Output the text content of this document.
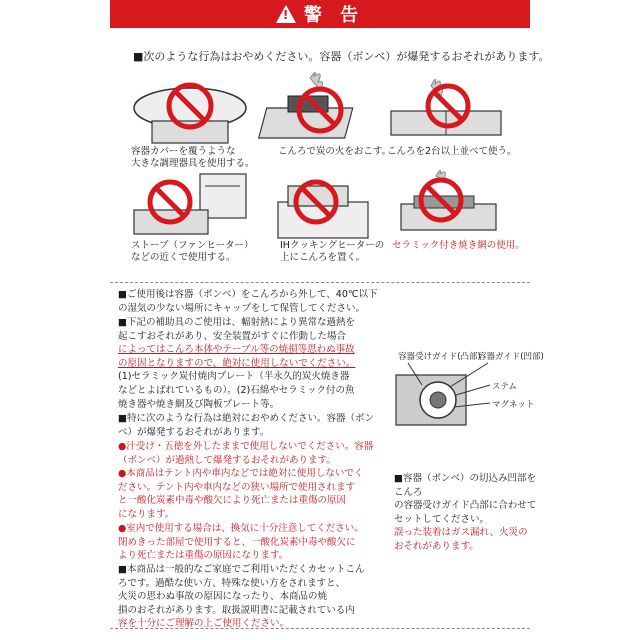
! 警 告
■次のような行為はおやめください。容器（ボンベ）が爆発するおそれがあります。
容器カバーを覆うような
大きな調理器具を使用する。
こんろで炭の火をおこす。
こんろを2台以上並べて使う。
ストーブ（ファンヒーター）
などの近くで使用する。
IHクッキングヒーターの
上にこんろを置く。
セラミック付き焼き網の使用。

■ご使用後は容器（ボンベ）をこんろから外して、40℃以下

の湿気の少ない場所にキャップをして保管してください。

■下記の補助具のご使用は、輻射熱により異常な過熱を

起こすおそれがあり、安全装置がすぐに作動した場合

によってはこんろ本体やテーブル等の焼損等思わぬ事故

の原因となりますので、絶対に使用しないでください。

(1)セラミック炭付焼肉プレート（半永久的炭火焼き器

などとよばれているもの）。(2)石綿やセラミック付の魚

焼き器や焼き網及び陶板プレート等。

■特に次のような行為は絶対におやめください。容器（ボン

ベ）が爆発するおそれがあります。

●汁受け・五徳を外したままで使用しないでください。容器

（ボンベ）が過熱して爆発するおそれがあります。

●本商品はテント内や車内などでは絶対に使用しないでく

ださい。テント内や車内などの狭い場所で使用されます

と一酸化炭素中毒や酸欠により死亡または重傷の原因

になります。

●室内で使用する場合は、換気に十分注意してください。

閉めきった部屋で使用すると、一酸化炭素中毒や酸欠に

より死亡または重傷の原因になります。

■本商品は一般的なご家庭でご利用いただくカセットこん

ろです。過酷な使い方、特殊な使い方をされますと、

火災の思わぬ事故の原因になったり、本商品の焼

損のおそれがあります。取扱説明書に記載されている内

容を十分にご理解の上ご使用ください。

容器受けガイド(凸部)
容器ガイド(凹部)
ステム
マグネット

■容器（ボンベ）の切込み凹部をこんろ

の容器受けガイド凸部に合わせて

セットしてください。

誤った装着はガス漏れ、火災の

おそれがあります。
